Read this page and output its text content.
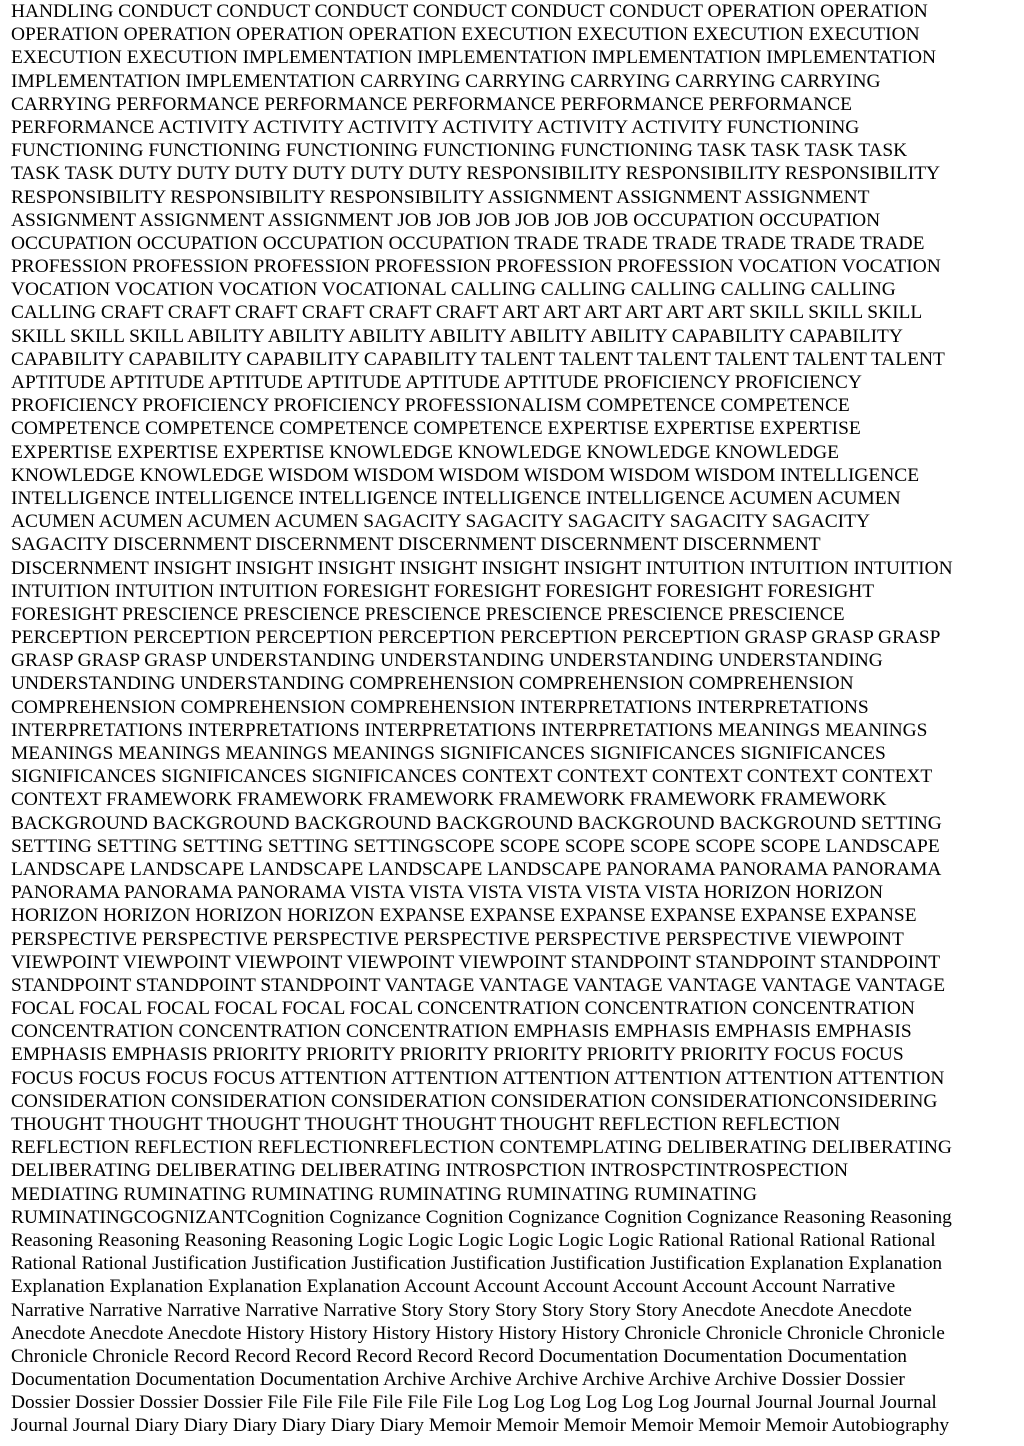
HANDLING CONDUCT CONDUCT CONDUCT CONDUCT CONDUCT CONDUCT OPERATION OPERATION
OPERATION OPERATION OPERATION OPERATION EXECUTION EXECUTION EXECUTION EXECUTION
EXECUTION EXECUTION IMPLEMENTATION IMPLEMENTATION IMPLEMENTATION IMPLEMENTATION
IMPLEMENTATION IMPLEMENTATION CARRYING CARRYING CARRYING CARRYING CARRYING
CARRYING PERFORMANCE PERFORMANCE PERFORMANCE PERFORMANCE PERFORMANCE
PERFORMANCE ACTIVITY ACTIVITY ACTIVITY ACTIVITY ACTIVITY ACTIVITY FUNCTIONING
FUNCTIONING FUNCTIONING FUNCTIONING FUNCTIONING FUNCTIONING TASK TASK TASK TASK
TASK TASK DUTY DUTY DUTY DUTY DUTY DUTY RESPONSIBILITY RESPONSIBILITY RESPONSIBILITY
RESPONSIBILITY RESPONSIBILITY RESPONSIBILITY ASSIGNMENT ASSIGNMENT ASSIGNMENT
ASSIGNMENT ASSIGNMENT ASSIGNMENT JOB JOB JOB JOB JOB JOB OCCUPATION OCCUPATION
OCCUPATION OCCUPATION OCCUPATION OCCUPATION TRADE TRADE TRADE TRADE TRADE TRADE
PROFESSION PROFESSION PROFESSION PROFESSION PROFESSION PROFESSION VOCATION VOCATION
VOCATION VOCATION VOCATION VOCATIONAL CALLING CALLING CALLING CALLING CALLING
CALLING CRAFT CRAFT CRAFT CRAFT CRAFT CRAFT ART ART ART ART ART ART SKILL SKILL SKILL
SKILL SKILL SKILL ABILITY ABILITY ABILITY ABILITY ABILITY ABILITY CAPABILITY CAPABILITY
CAPABILITY CAPABILITY CAPABILITY CAPABILITY TALENT TALENT TALENT TALENT TALENT TALENT
APTITUDE APTITUDE APTITUDE APTITUDE APTITUDE APTITUDE PROFICIENCY PROFICIENCY
PROFICIENCY PROFICIENCY PROFICIENCY PROFESSIONALISM COMPETENCE COMPETENCE
COMPETENCE COMPETENCE COMPETENCE COMPETENCE EXPERTISE EXPERTISE EXPERTISE
EXPERTISE EXPERTISE EXPERTISE KNOWLEDGE KNOWLEDGE KNOWLEDGE KNOWLEDGE
KNOWLEDGE KNOWLEDGE WISDOM WISDOM WISDOM WISDOM WISDOM WISDOM INTELLIGENCE
INTELLIGENCE INTELLIGENCE INTELLIGENCE INTELLIGENCE INTELLIGENCE ACUMEN ACUMEN
ACUMEN ACUMEN ACUMEN ACUMEN SAGACITY SAGACITY SAGACITY SAGACITY SAGACITY
SAGACITY DISCERNMENT DISCERNMENT DISCERNMENT DISCERNMENT DISCERNMENT
DISCERNMENT INSIGHT INSIGHT INSIGHT INSIGHT INSIGHT INSIGHT INTUITION INTUITION INTUITION
INTUITION INTUITION INTUITION FORESIGHT FORESIGHT FORESIGHT FORESIGHT FORESIGHT
FORESIGHT PRESCIENCE PRESCIENCE PRESCIENCE PRESCIENCE PRESCIENCE PRESCIENCE
PERCEPTION PERCEPTION PERCEPTION PERCEPTION PERCEPTION PERCEPTION GRASP GRASP GRASP
GRASP GRASP GRASP UNDERSTANDING UNDERSTANDING UNDERSTANDING UNDERSTANDING
UNDERSTANDING UNDERSTANDING COMPREHENSION COMPREHENSION COMPREHENSION
COMPREHENSION COMPREHENSION COMPREHENSION INTERPRETATIONS INTERPRETATIONS
INTERPRETATIONS INTERPRETATIONS INTERPRETATIONS INTERPRETATIONS MEANINGS MEANINGS
MEANINGS MEANINGS MEANINGS MEANINGS SIGNIFICANCES SIGNIFICANCES SIGNIFICANCES
SIGNIFICANCES SIGNIFICANCES SIGNIFICANCES CONTEXT CONTEXT CONTEXT CONTEXT CONTEXT
CONTEXT FRAMEWORK FRAMEWORK FRAMEWORK FRAMEWORK FRAMEWORK FRAMEWORK
BACKGROUND BACKGROUND BACKGROUND BACKGROUND BACKGROUND BACKGROUND SETTING
SETTING SETTING SETTING SETTING SETTINGSCOPE SCOPE SCOPE SCOPE SCOPE SCOPE LANDSCAPE
LANDSCAPE LANDSCAPE LANDSCAPE LANDSCAPE LANDSCAPE PANORAMA PANORAMA PANORAMA
PANORAMA PANORAMA PANORAMA VISTA VISTA VISTA VISTA VISTA VISTA HORIZON HORIZON
HORIZON HORIZON HORIZON HORIZON EXPANSE EXPANSE EXPANSE EXPANSE EXPANSE EXPANSE
PERSPECTIVE PERSPECTIVE PERSPECTIVE PERSPECTIVE PERSPECTIVE PERSPECTIVE VIEWPOINT
VIEWPOINT VIEWPOINT VIEWPOINT VIEWPOINT VIEWPOINT STANDPOINT STANDPOINT STANDPOINT
STANDPOINT STANDPOINT STANDPOINT VANTAGE VANTAGE VANTAGE VANTAGE VANTAGE VANTAGE
FOCAL FOCAL FOCAL FOCAL FOCAL FOCAL CONCENTRATION CONCENTRATION CONCENTRATION
CONCENTRATION CONCENTRATION CONCENTRATION EMPHASIS EMPHASIS EMPHASIS EMPHASIS
EMPHASIS EMPHASIS PRIORITY PRIORITY PRIORITY PRIORITY PRIORITY PRIORITY FOCUS FOCUS
FOCUS FOCUS FOCUS FOCUS ATTENTION ATTENTION ATTENTION ATTENTION ATTENTION ATTENTION
CONSIDERATION CONSIDERATION CONSIDERATION CONSIDERATION CONSIDERATIONCONSIDERING
THOUGHT THOUGHT THOUGHT THOUGHT THOUGHT THOUGHT REFLECTION REFLECTION
REFLECTION REFLECTION REFLECTIONREFLECTION CONTEMPLATING DELIBERATING DELIBERATING
DELIBERATING DELIBERATING DELIBERATING INTROSPCTION INTROSPCTINTROSPECTION
MEDIATING RUMINATING RUMINATING RUMINATING RUMINATING RUMINATING
RUMINATINGCOGNIZANTCognition Cognizance Cognition Cognizance Cognition Cognizance Reasoning Reasoning
Reasoning Reasoning Reasoning Reasoning Logic Logic Logic Logic Logic Logic Rational Rational Rational Rational
Rational Rational Justification Justification Justification Justification Justification Justification Explanation Explanation
Explanation Explanation Explanation Explanation Account Account Account Account Account Account Narrative
Narrative Narrative Narrative Narrative Narrative Story Story Story Story Story Story Anecdote Anecdote Anecdote
Anecdote Anecdote Anecdote History History History History History History Chronicle Chronicle Chronicle Chronicle
Chronicle Chronicle Record Record Record Record Record Record Documentation Documentation Documentation
Documentation Documentation Documentation Archive Archive Archive Archive Archive Archive Dossier Dossier
Dossier Dossier Dossier Dossier File File File File File File Log Log Log Log Log Log Journal Journal Journal Journal
Journal Journal Diary Diary Diary Diary Diary Diary Memoir Memoir Memoir Memoir Memoir Memoir Autobiography
